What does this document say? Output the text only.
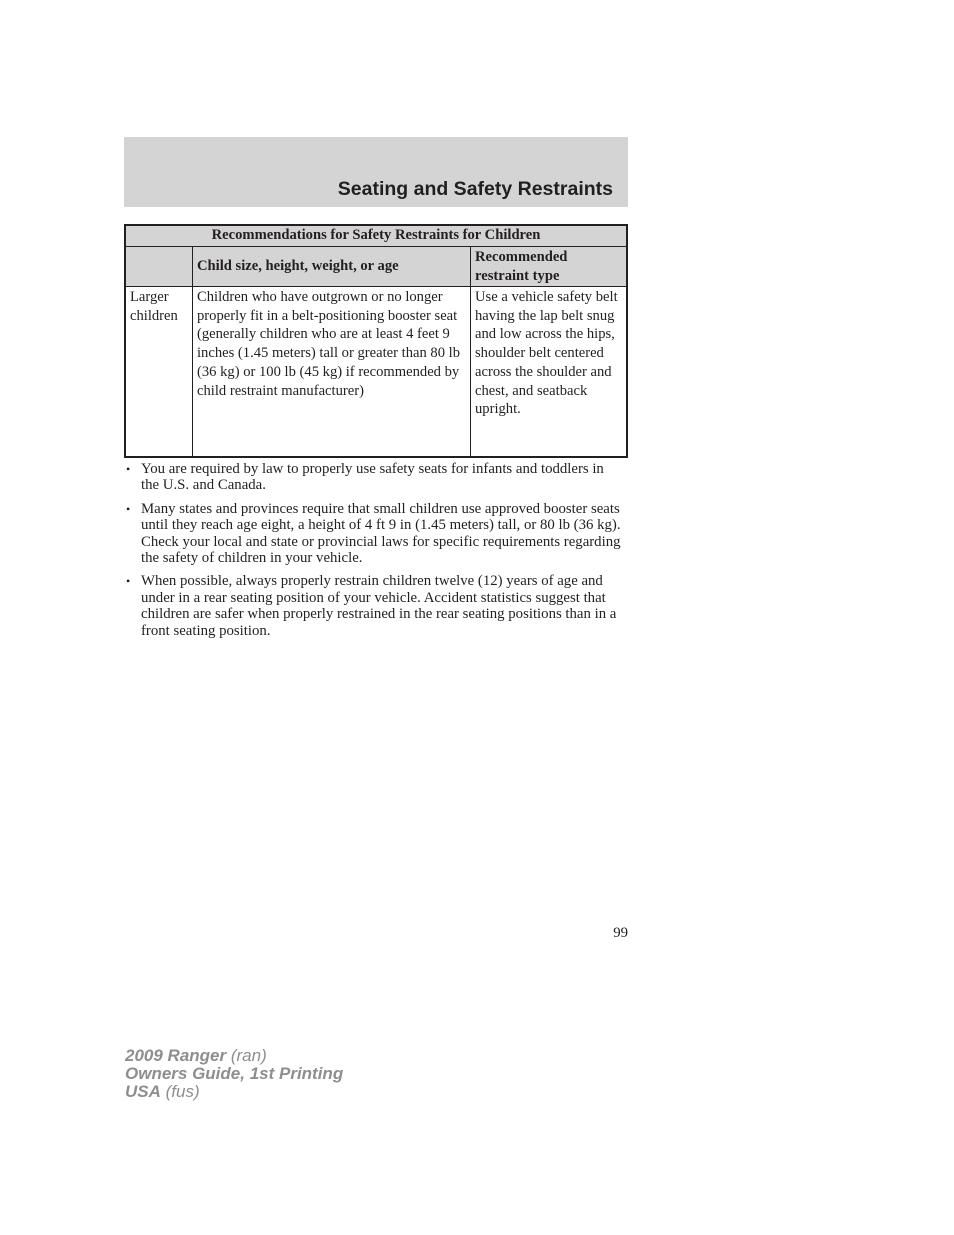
Seating and Safety Restraints
Recommendations for Safety Restraints for Children		
	Child size, height, weight, or age	Recommended restraint type
Larger children	Children who have outgrown or no longer properly fit in a belt-positioning booster seat (generally children who are at least 4 feet 9 inches (1.45 meters) tall or greater than 80 lb (36 kg) or 100 lb (45 kg) if recommended by child restraint manufacturer)	Use a vehicle safety belt having the lap belt snug and low across the hips, shoulder belt centered across the shoulder and chest, and seatback upright.
• You are required by law to properly use safety seats for infants and toddlers in the U.S. and Canada.
• Many states and provinces require that small children use approved booster seats until they reach age eight, a height of 4 ft 9 in (1.45 meters) tall, or 80 lb (36 kg). Check your local and state or provincial laws for specific requirements regarding the safety of children in your vehicle.
• When possible, always properly restrain children twelve (12) years of age and under in a rear seating position of your vehicle. Accident statistics suggest that children are safer when properly restrained in the rear seating positions than in a front seating position.
99
2009 Ranger (ran)
Owners Guide, 1st Printing
USA (fus)
